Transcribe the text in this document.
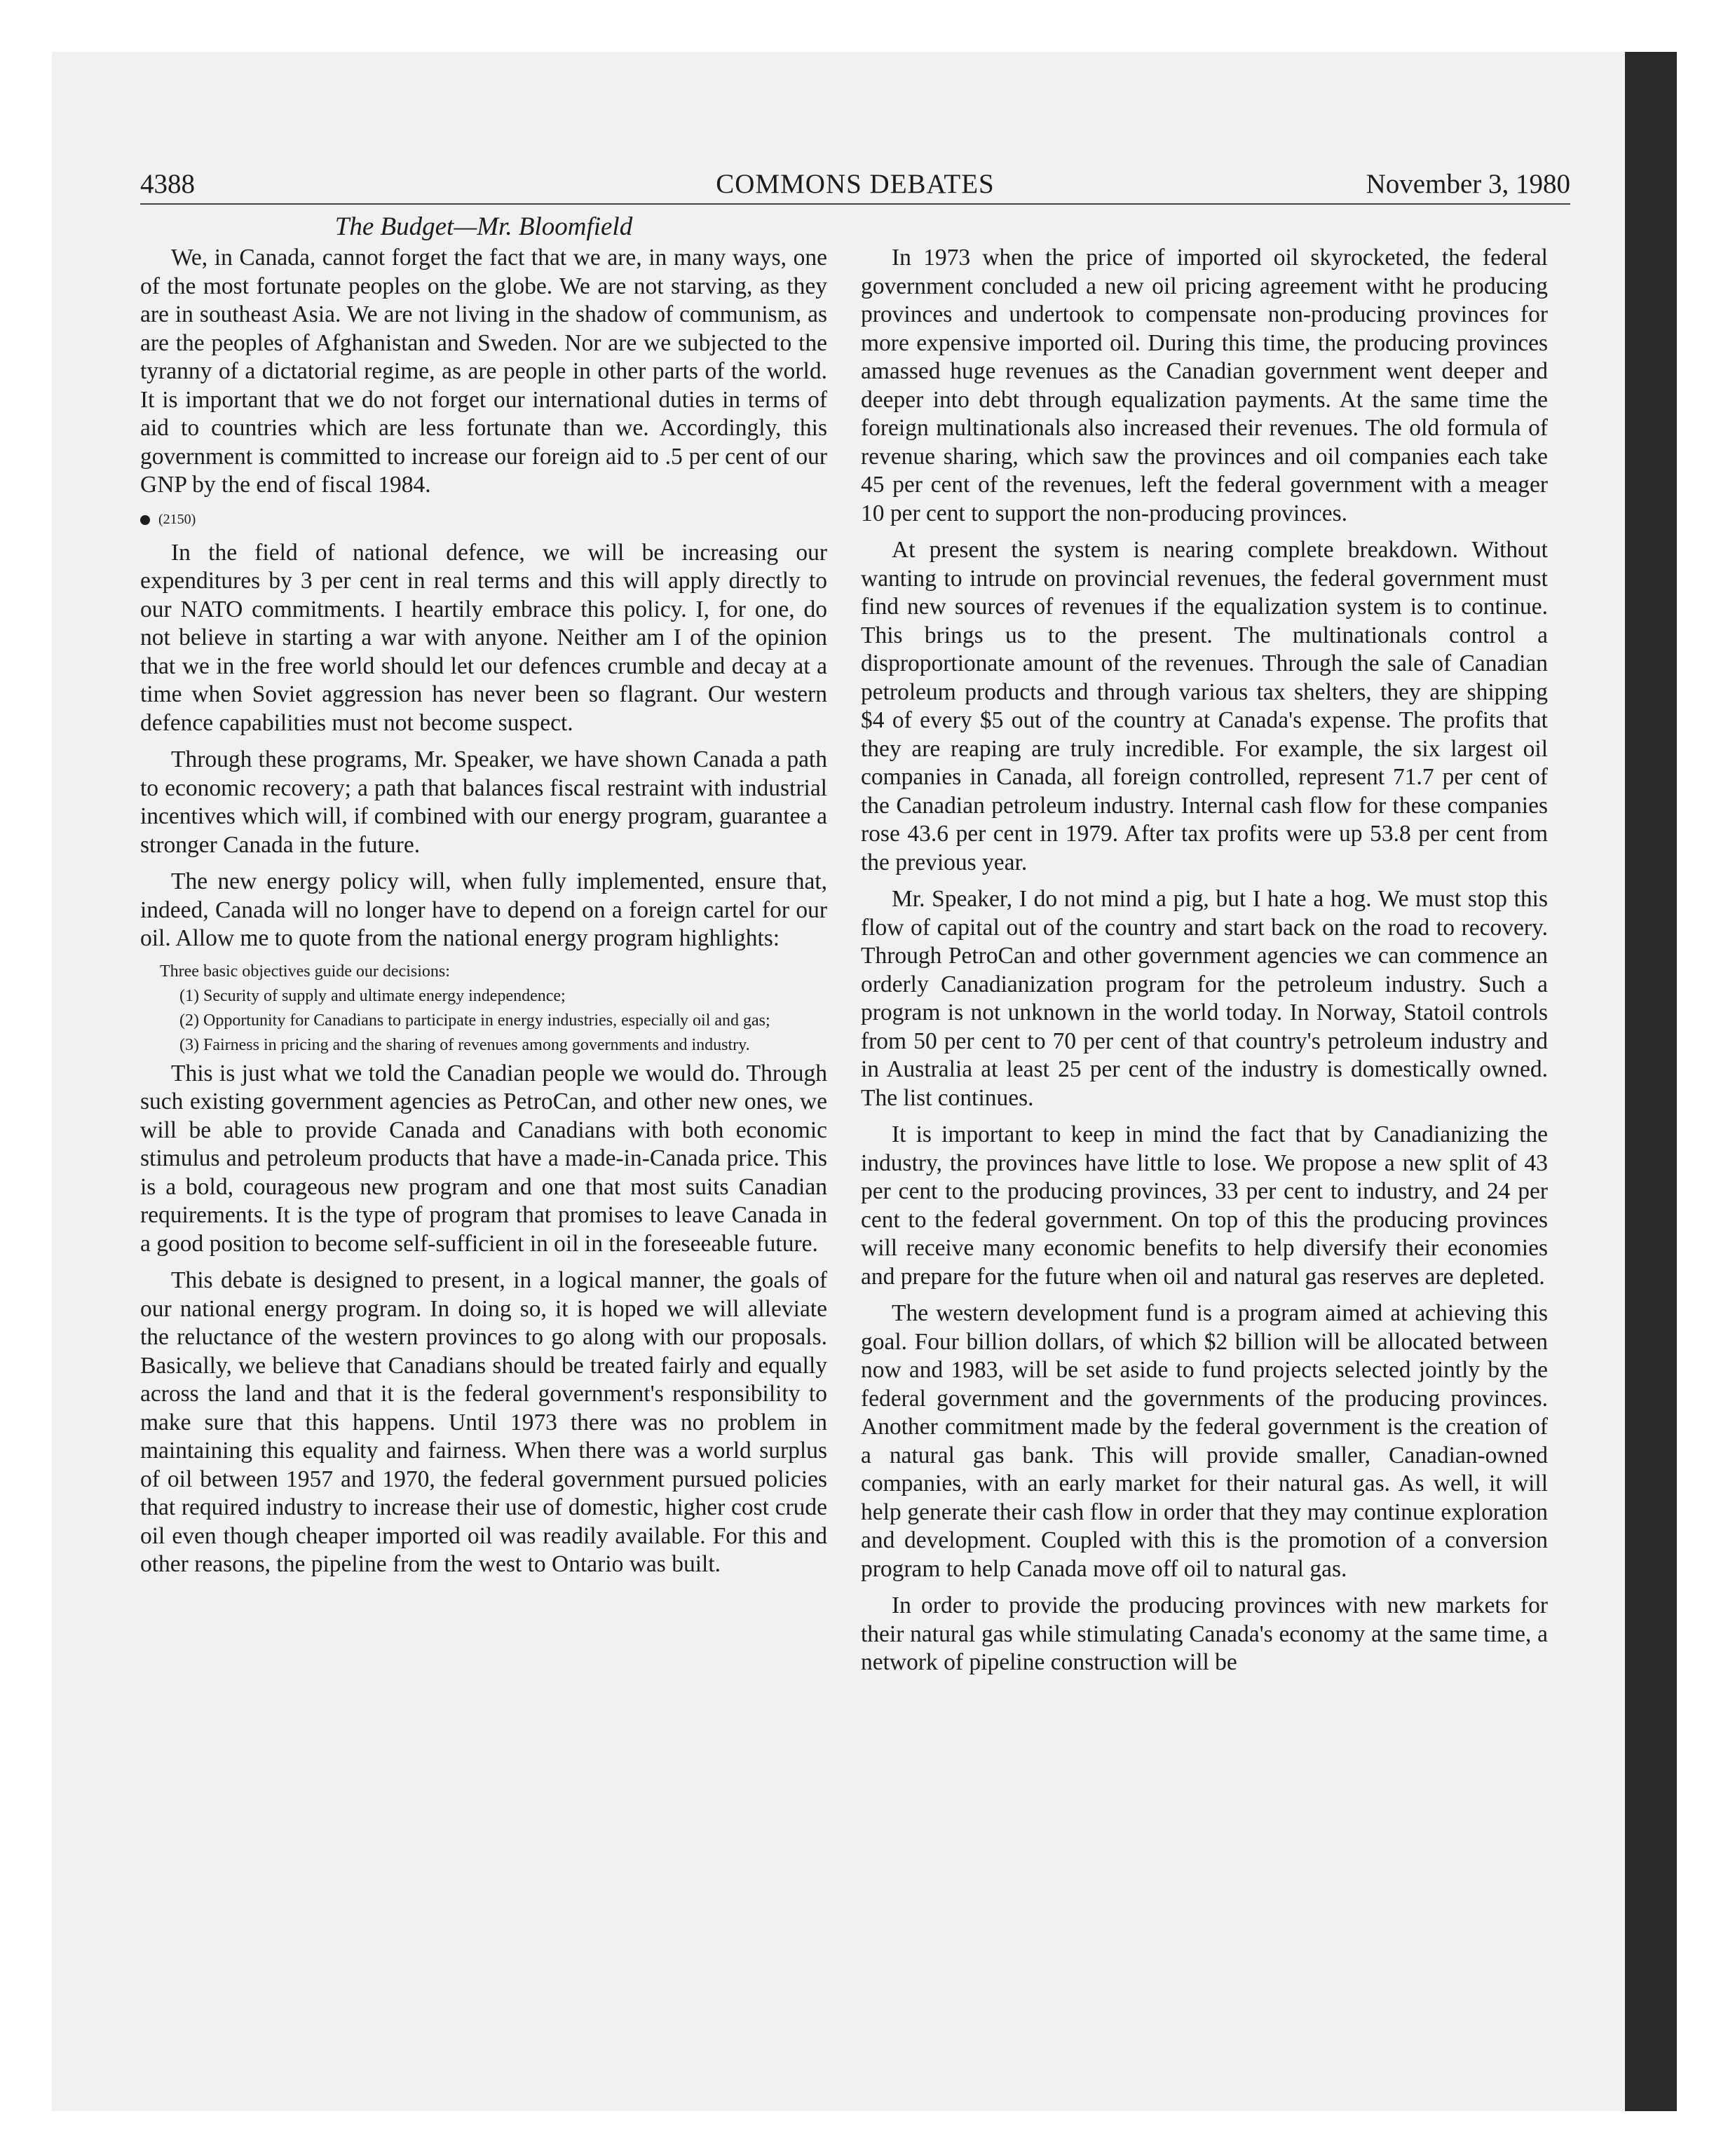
4388	COMMONS DEBATES	November 3, 1980
The Budget—Mr. Bloomfield

We, in Canada, cannot forget the fact that we are, in many ways, one of the most fortunate peoples on the globe. We are not starving, as they are in southeast Asia. We are not living in the shadow of communism, as are the peoples of Afghanistan and Sweden. Nor are we subjected to the tyranny of a dictatorial regime, as are people in other parts of the world. It is important that we do not forget our international duties in terms of aid to countries which are less fortunate than we. Accordingly, this government is committed to increase our foreign aid to .5 per cent of our GNP by the end of fiscal 1984.

(2150)

In the field of national defence, we will be increasing our expenditures by 3 per cent in real terms and this will apply directly to our NATO commitments. I heartily embrace this policy. I, for one, do not believe in starting a war with anyone. Neither am I of the opinion that we in the free world should let our defences crumble and decay at a time when Soviet aggression has never been so flagrant. Our western defence capabilities must not become suspect.

Through these programs, Mr. Speaker, we have shown Canada a path to economic recovery; a path that balances fiscal restraint with industrial incentives which will, if combined with our energy program, guarantee a stronger Canada in the future.

The new energy policy will, when fully implemented, ensure that, indeed, Canada will no longer have to depend on a foreign cartel for our oil. Allow me to quote from the national energy program highlights:

Three basic objectives guide our decisions:
(1) Security of supply and ultimate energy independence;
(2) Opportunity for Canadians to participate in energy industries, especially oil and gas;
(3) Fairness in pricing and the sharing of revenues among governments and industry.

This is just what we told the Canadian people we would do. Through such existing government agencies as PetroCan, and other new ones, we will be able to provide Canada and Canadians with both economic stimulus and petroleum products that have a made-in-Canada price. This is a bold, courageous new program and one that most suits Canadian requirements. It is the type of program that promises to leave Canada in a good position to become self-sufficient in oil in the foreseeable future.

This debate is designed to present, in a logical manner, the goals of our national energy program. In doing so, it is hoped we will alleviate the reluctance of the western provinces to go along with our proposals. Basically, we believe that Canadians should be treated fairly and equally across the land and that it is the federal government's responsibility to make sure that this happens. Until 1973 there was no problem in maintaining this equality and fairness. When there was a world surplus of oil between 1957 and 1970, the federal government pursued policies that required industry to increase their use of domestic, higher cost crude oil even though cheaper imported oil was readily available. For this and other reasons, the pipeline from the west to Ontario was built.

In 1973 when the price of imported oil skyrocketed, the federal government concluded a new oil pricing agreement witht he producing provinces and undertook to compensate non-producing provinces for more expensive imported oil. During this time, the producing provinces amassed huge revenues as the Canadian government went deeper and deeper into debt through equalization payments. At the same time the foreign multinationals also increased their revenues. The old formula of revenue sharing, which saw the provinces and oil companies each take 45 per cent of the revenues, left the federal government with a meager 10 per cent to support the non-producing provinces.

At present the system is nearing complete breakdown. Without wanting to intrude on provincial revenues, the federal government must find new sources of revenues if the equalization system is to continue. This brings us to the present. The multinationals control a disproportionate amount of the revenues. Through the sale of Canadian petroleum products and through various tax shelters, they are shipping $4 of every $5 out of the country at Canada's expense. The profits that they are reaping are truly incredible. For example, the six largest oil companies in Canada, all foreign controlled, represent 71.7 per cent of the Canadian petroleum industry. Internal cash flow for these companies rose 43.6 per cent in 1979. After tax profits were up 53.8 per cent from the previous year.

Mr. Speaker, I do not mind a pig, but I hate a hog. We must stop this flow of capital out of the country and start back on the road to recovery. Through PetroCan and other government agencies we can commence an orderly Canadianization program for the petroleum industry. Such a program is not unknown in the world today. In Norway, Statoil controls from 50 per cent to 70 per cent of that country's petroleum industry and in Australia at least 25 per cent of the industry is domestically owned. The list continues.

It is important to keep in mind the fact that by Canadianizing the industry, the provinces have little to lose. We propose a new split of 43 per cent to the producing provinces, 33 per cent to industry, and 24 per cent to the federal government. On top of this the producing provinces will receive many economic benefits to help diversify their economies and prepare for the future when oil and natural gas reserves are depleted.

The western development fund is a program aimed at achieving this goal. Four billion dollars, of which $2 billion will be allocated between now and 1983, will be set aside to fund projects selected jointly by the federal government and the governments of the producing provinces. Another commitment made by the federal government is the creation of a natural gas bank. This will provide smaller, Canadian-owned companies, with an early market for their natural gas. As well, it will help generate their cash flow in order that they may continue exploration and development. Coupled with this is the promotion of a conversion program to help Canada move off oil to natural gas.

In order to provide the producing provinces with new markets for their natural gas while stimulating Canada's economy at the same time, a network of pipeline construction will be
